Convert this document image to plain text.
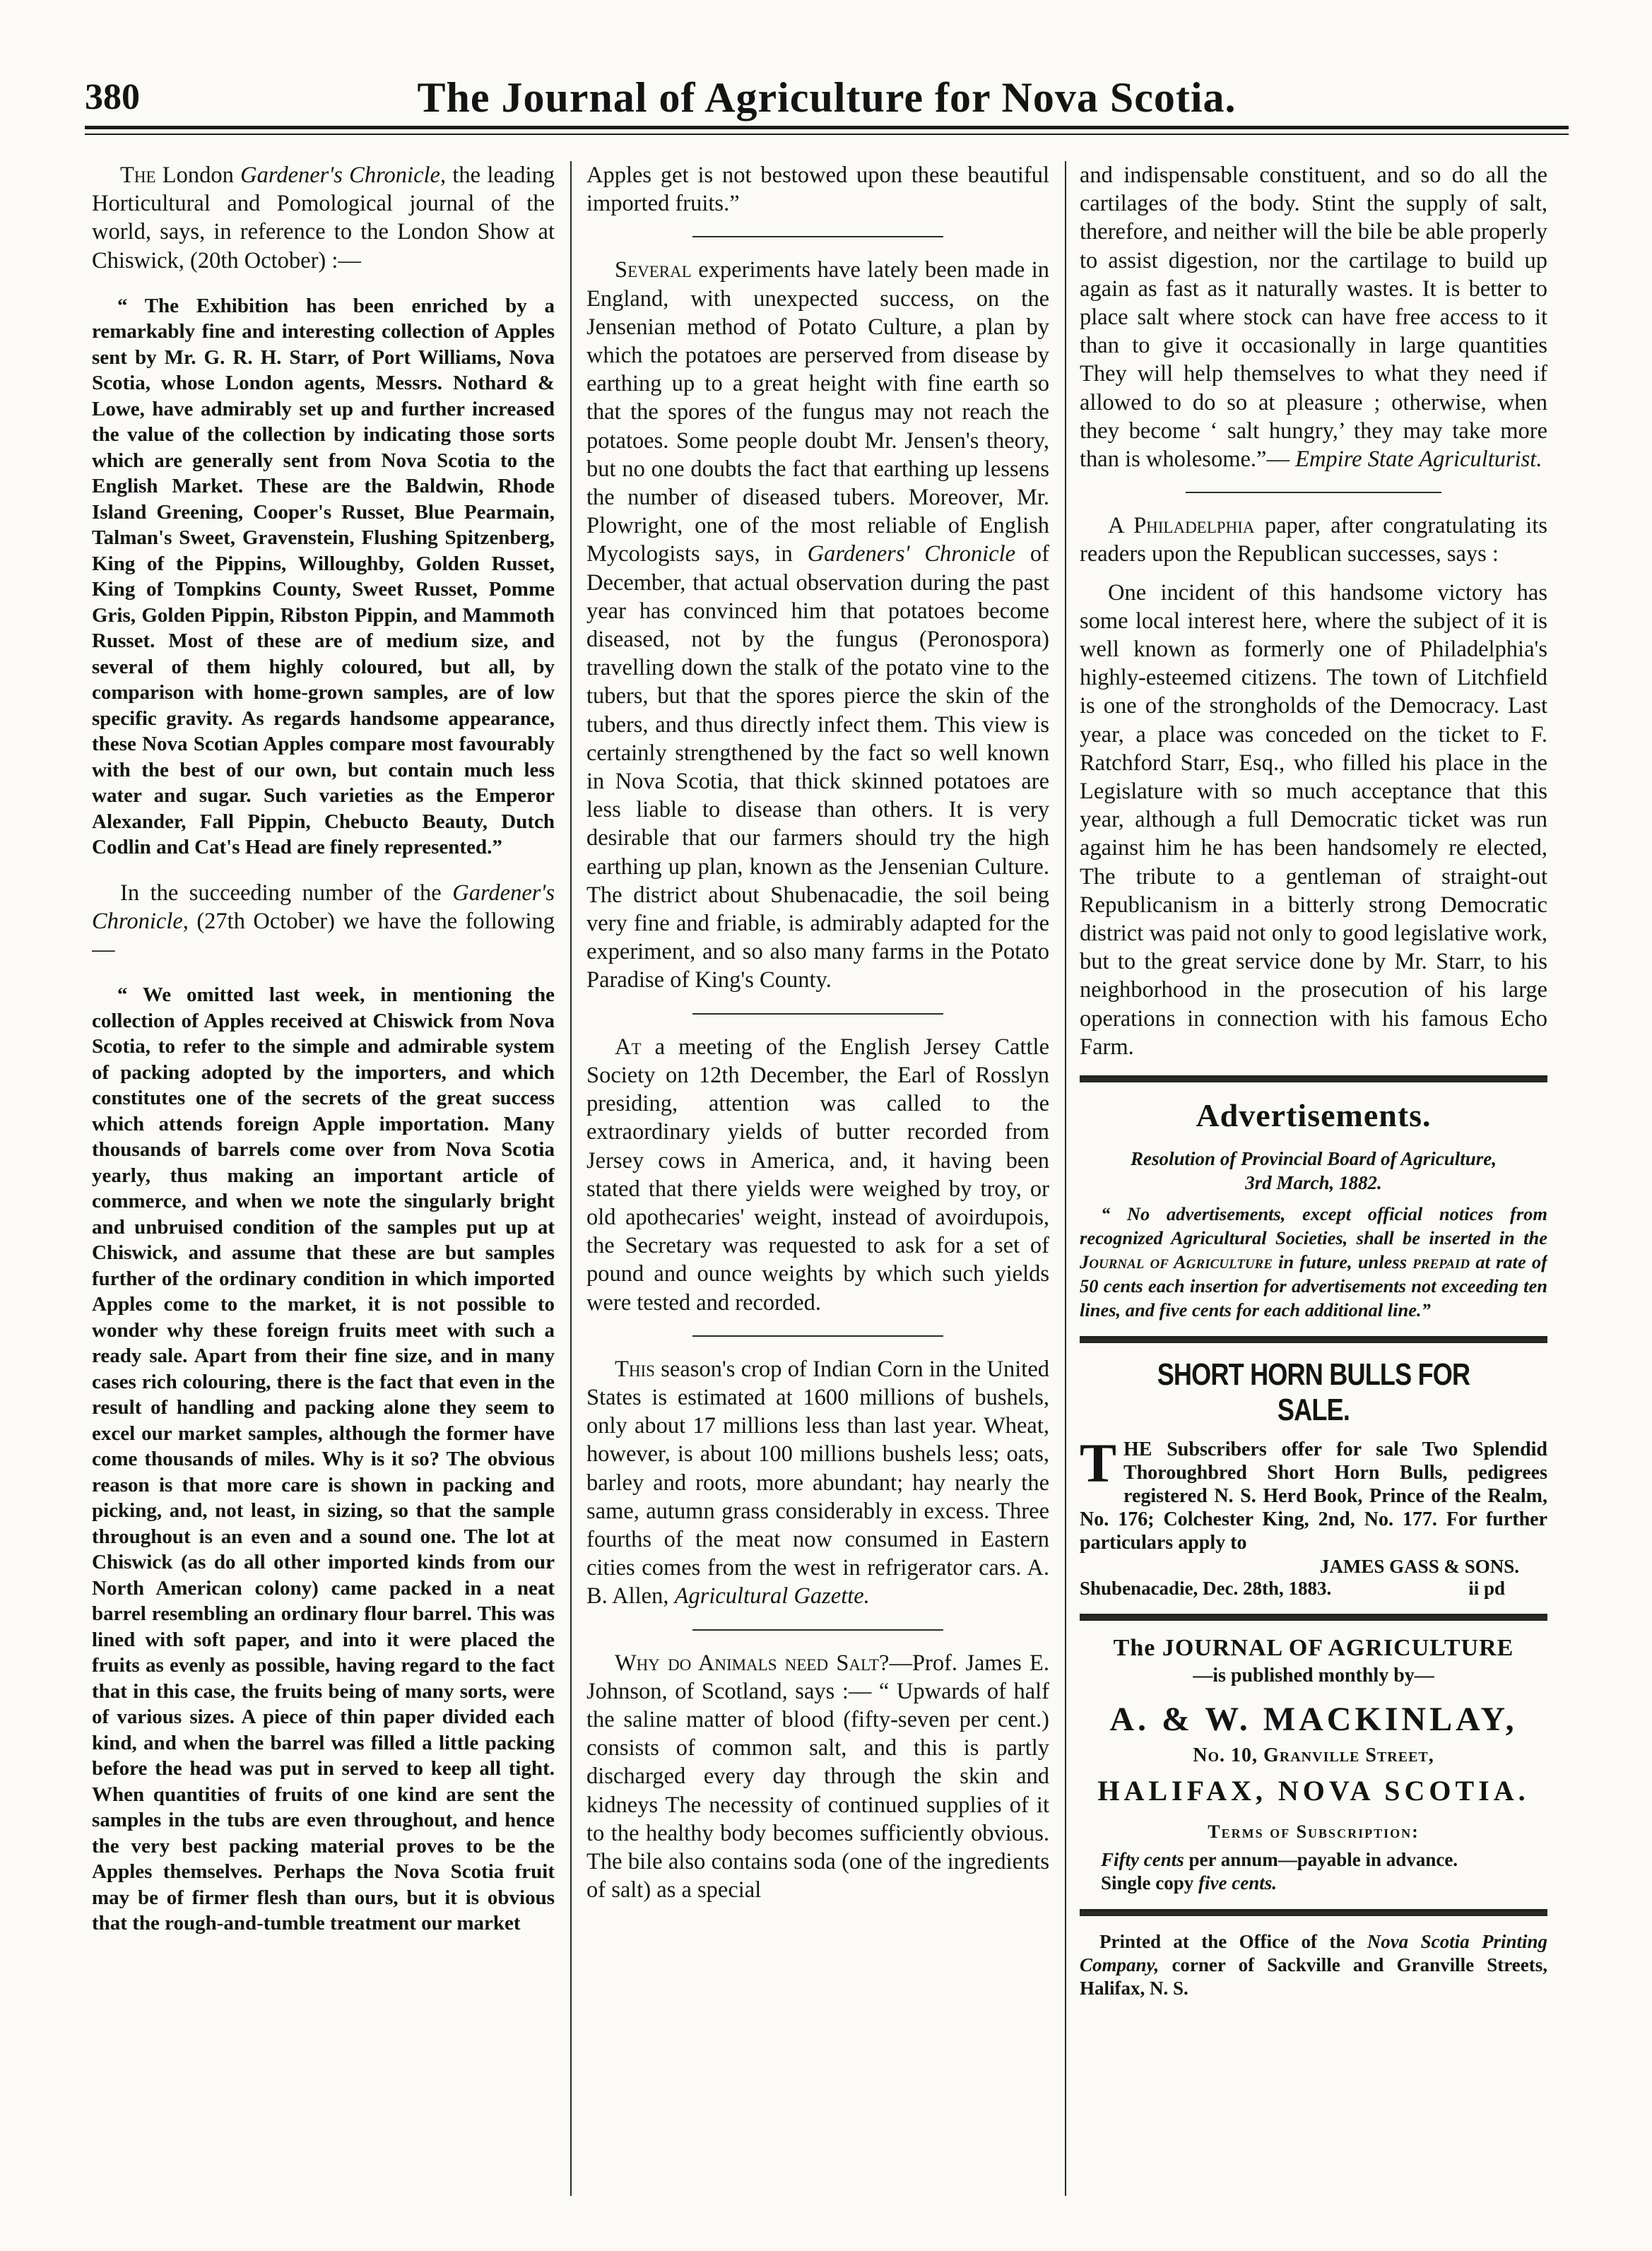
380	The Journal of Agriculture for Nova Scotia.

The London Gardener's Chronicle, the leading Horticultural and Pomological journal of the world, says, in reference to the London Show at Chiswick, (20th October) :—

“ The Exhibition has been enriched by a remarkably fine and interesting collection of Apples sent by Mr. G. R. H. Starr, of Port Williams, Nova Scotia, whose London agents, Messrs. Nothard & Lowe, have admirably set up and further increased the value of the collection by indicating those sorts which are generally sent from Nova Scotia to the English Market. These are the Baldwin, Rhode Island Greening, Cooper's Russet, Blue Pearmain, Talman's Sweet, Gravenstein, Flushing Spitzenberg, King of the Pippins, Willoughby, Golden Russet, King of Tompkins County, Sweet Russet, Pomme Gris, Golden Pippin, Ribston Pippin, and Mammoth Russet. Most of these are of medium size, and several of them highly coloured, but all, by comparison with home-grown samples, are of low specific gravity. As regards handsome appearance, these Nova Scotian Apples compare most favourably with the best of our own, but contain much less water and sugar. Such varieties as the Emperor Alexander, Fall Pippin, Chebucto Beauty, Dutch Codlin and Cat's Head are finely represented.”

In the succeeding number of the Gardener's Chronicle, (27th October) we have the following —

“ We omitted last week, in mentioning the collection of Apples received at Chiswick from Nova Scotia, to refer to the simple and admirable system of packing adopted by the importers, and which constitutes one of the secrets of the great success which attends foreign Apple importation. Many thousands of barrels come over from Nova Scotia yearly, thus making an important article of commerce, and when we note the singularly bright and unbruised condition of the samples put up at Chiswick, and assume that these are but samples further of the ordinary condition in which imported Apples come to the market, it is not possible to wonder why these foreign fruits meet with such a ready sale. Apart from their fine size, and in many cases rich colouring, there is the fact that even in the result of handling and packing alone they seem to excel our market samples, although the former have come thousands of miles. Why is it so? The obvious reason is that more care is shown in packing and picking, and, not least, in sizing, so that the sample throughout is an even and a sound one. The lot at Chiswick (as do all other imported kinds from our North American colony) came packed in a neat barrel resembling an ordinary flour barrel. This was lined with soft paper, and into it were placed the fruits as evenly as possible, having regard to the fact that in this case, the fruits being of many sorts, were of various sizes. A piece of thin paper divided each kind, and when the barrel was filled a little packing before the head was put in served to keep all tight. When quantities of fruits of one kind are sent the samples in the tubs are even throughout, and hence the very best packing material proves to be the Apples themselves. Perhaps the Nova Scotia fruit may be of firmer flesh than ours, but it is obvious that the rough-and-tumble treatment our market

Apples get is not bestowed upon these beautiful imported fruits.”

Several experiments have lately been made in England, with unexpected success, on the Jensenian method of Potato Culture, a plan by which the potatoes are perserved from disease by earthing up to a great height with fine earth so that the spores of the fungus may not reach the potatoes. Some people doubt Mr. Jensen's theory, but no one doubts the fact that earthing up lessens the number of diseased tubers. Moreover, Mr. Plowright, one of the most reliable of English Mycologists says, in Gardeners' Chronicle of December, that actual observation during the past year has convinced him that potatoes become diseased, not by the fungus (Peronospora) travelling down the stalk of the potato vine to the tubers, but that the spores pierce the skin of the tubers, and thus directly infect them. This view is certainly strengthened by the fact so well known in Nova Scotia, that thick skinned potatoes are less liable to disease than others. It is very desirable that our farmers should try the high earthing up plan, known as the Jensenian Culture. The district about Shubenacadie, the soil being very fine and friable, is admirably adapted for the experiment, and so also many farms in the Potato Paradise of King's County.

At a meeting of the English Jersey Cattle Society on 12th December, the Earl of Rosslyn presiding, attention was called to the extraordinary yields of butter recorded from Jersey cows in America, and, it having been stated that there yields were weighed by troy, or old apothecaries' weight, instead of avoirdupois, the Secretary was requested to ask for a set of pound and ounce weights by which such yields were tested and recorded.

This season's crop of Indian Corn in the United States is estimated at 1600 millions of bushels, only about 17 millions less than last year. Wheat, however, is about 100 millions bushels less; oats, barley and roots, more abundant; hay nearly the same, autumn grass considerably in excess. Three fourths of the meat now consumed in Eastern cities comes from the west in refrigerator cars. A. B. Allen, Agricultural Gazette.

Why do Animals need Salt?—Prof. James E. Johnson, of Scotland, says :— “ Upwards of half the saline matter of blood (fifty-seven per cent.) consists of common salt, and this is partly discharged every day through the skin and kidneys The necessity of continued supplies of it to the healthy body becomes sufficiently obvious. The bile also contains soda (one of the ingredients of salt) as a special

and indispensable constituent, and so do all the cartilages of the body. Stint the supply of salt, therefore, and neither will the bile be able properly to assist digestion, nor the cartilage to build up again as fast as it naturally wastes. It is better to place salt where stock can have free access to it than to give it occasionally in large quantities They will help themselves to what they need if allowed to do so at pleasure ; otherwise, when they become ‘ salt hungry,’ they may take more than is wholesome.”— Empire State Agriculturist.

A Philadelphia paper, after congratulating its readers upon the Republican successes, says :

One incident of this handsome victory has some local interest here, where the subject of it is well known as formerly one of Philadelphia's highly-esteemed citizens. The town of Litchfield is one of the strongholds of the Democracy. Last year, a place was conceded on the ticket to F. Ratchford Starr, Esq., who filled his place in the Legislature with so much acceptance that this year, although a full Democratic ticket was run against him he has been handsomely re elected, The tribute to a gentleman of straight-out Republicanism in a bitterly strong Democratic district was paid not only to good legislative work, but to the great service done by Mr. Starr, to his neighborhood in the prosecution of his large operations in connection with his famous Echo Farm.

Advertisements.

Resolution of Provincial Board of Agriculture,

3rd March, 1882.

“ No advertisements, except official notices from recognized Agricultural Societies, shall be inserted in the Journal of Agriculture in future, unless prepaid at rate of 50 cents each insertion for advertisements not exceeding ten lines, and five cents for each additional line.”

SHORT HORN BULLS FOR SALE.

THE Subscribers offer for sale Two Splendid Thoroughbred Short Horn Bulls, pedigrees registered N. S. Herd Book, Prince of the Realm, No. 176; Colchester King, 2nd, No. 177. For further particulars apply to

JAMES GASS & SONS.

Shubenacadie, Dec. 28th, 1883.	ii pd

The JOURNAL OF AGRICULTURE

—is published monthly by—

A. & W. MACKINLAY,

No. 10, Granville Street,

HALIFAX, NOVA SCOTIA.
Terms of Subscription:

Fifty cents per annum—payable in advance.

Single copy five cents.

Printed at the Office of the Nova Scotia Printing Company, corner of Sackville and Granville Streets, Halifax, N. S.
